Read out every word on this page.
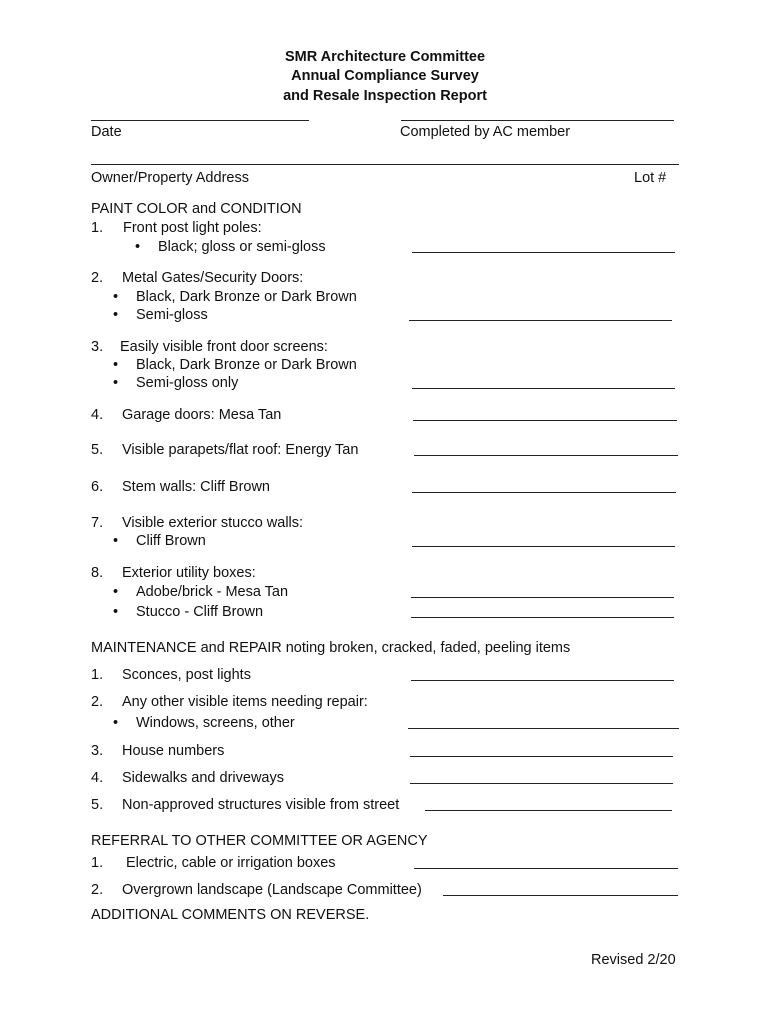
SMR Architecture Committee
Annual Compliance Survey
and Resale Inspection Report
Date	Completed by AC member
Owner/Property Address	Lot #
PAINT COLOR and CONDITION
1. Front post light poles:
• Black; gloss or semi-gloss
2. Metal Gates/Security Doors:
• Black, Dark Bronze or Dark Brown
• Semi-gloss
3. Easily visible front door screens:
• Black, Dark Bronze or Dark Brown
• Semi-gloss only
4. Garage doors: Mesa Tan
5. Visible parapets/flat roof: Energy Tan
6. Stem walls: Cliff Brown
7. Visible exterior stucco walls:
• Cliff Brown
8. Exterior utility boxes:
• Adobe/brick - Mesa Tan
• Stucco - Cliff Brown
MAINTENANCE and REPAIR noting broken, cracked, faded, peeling items
1. Sconces, post lights
2. Any other visible items needing repair:
• Windows, screens, other
3. House numbers
4. Sidewalks and driveways
5. Non-approved structures visible from street
REFERRAL TO OTHER COMMITTEE OR AGENCY
1. Electric, cable or irrigation boxes
2. Overgrown landscape (Landscape Committee)
ADDITIONAL COMMENTS ON REVERSE.
Revised 2/20
